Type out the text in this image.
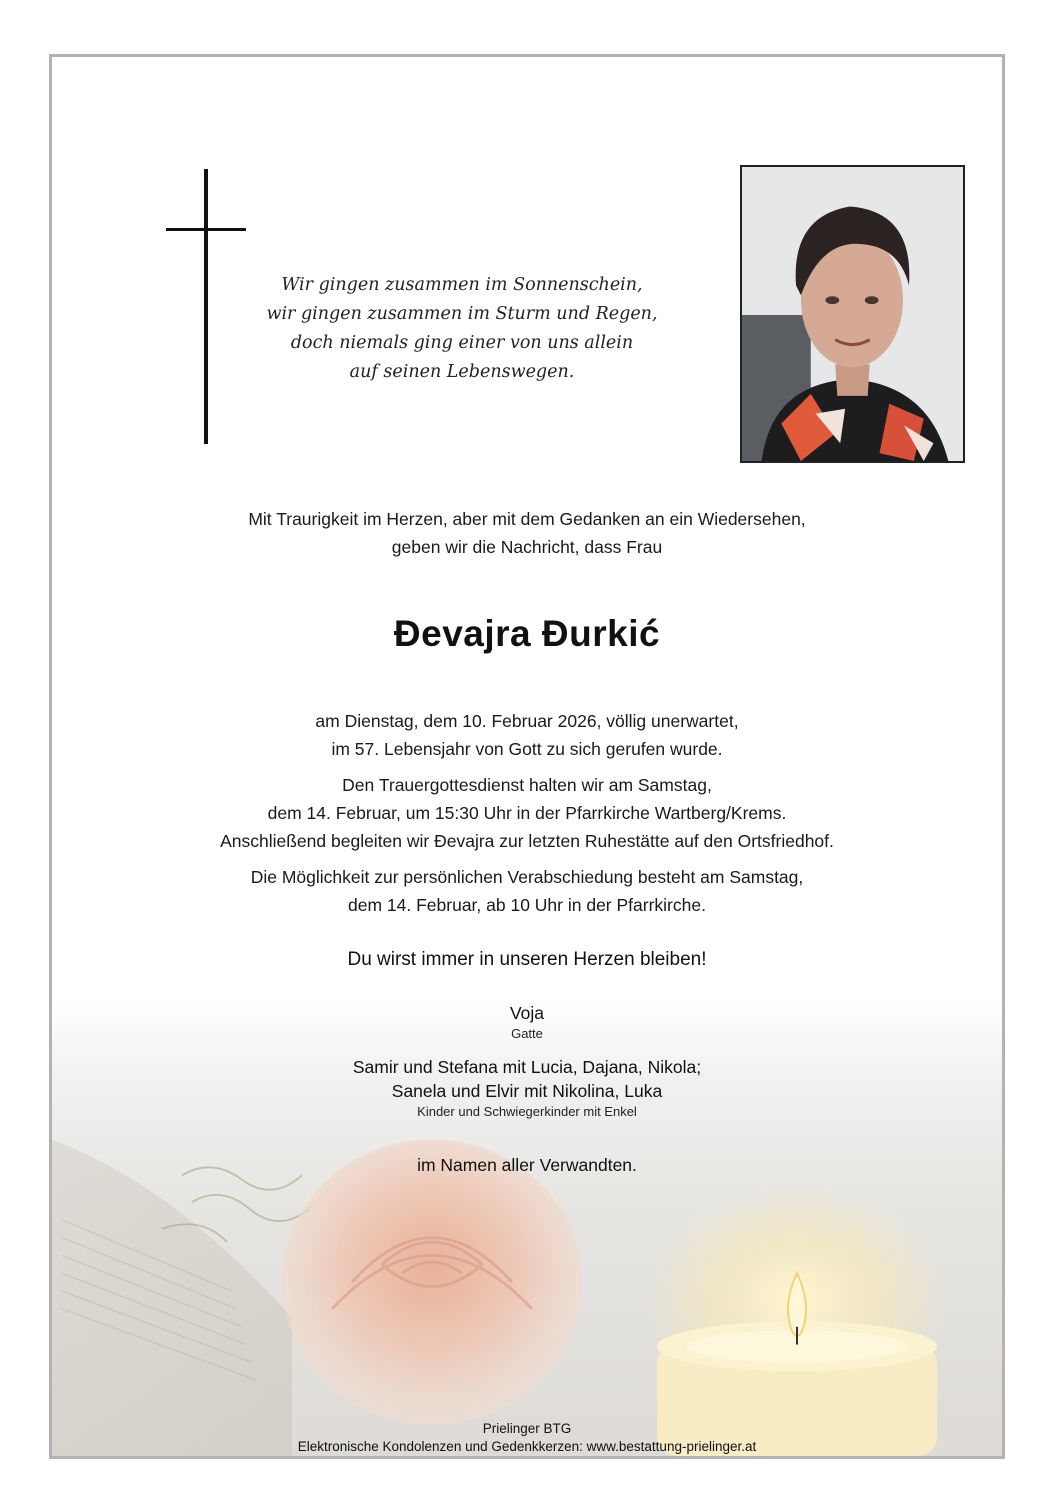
Wir gingen zusammen im Sonnenschein,
wir gingen zusammen im Sturm und Regen,
doch niemals ging einer von uns allein
auf seinen Lebenswegen.
Mit Traurigkeit im Herzen, aber mit dem Gedanken an ein Wiedersehen,
geben wir die Nachricht, dass Frau
Đevajra Đurkić
am Dienstag, dem 10. Februar 2026, völlig unerwartet,
im 57. Lebensjahr von Gott zu sich gerufen wurde.
Den Trauergottesdienst halten wir am Samstag,
dem 14. Februar, um 15:30 Uhr in der Pfarrkirche Wartberg/Krems.
Anschließend begleiten wir Đevajra zur letzten Ruhestätte auf den Ortsfriedhof.
Die Möglichkeit zur persönlichen Verabschiedung besteht am Samstag,
dem 14. Februar, ab 10 Uhr in der Pfarrkirche.
Du wirst immer in unseren Herzen bleiben!
Voja
Gatte
Samir und Stefana mit Lucia, Dajana, Nikola;
Sanela und Elvir mit Nikolina, Luka
Kinder und Schwiegerkinder mit Enkel
im Namen aller Verwandten.
Prielinger BTG
Elektronische Kondolenzen und Gedenkkerzen: www.bestattung-prielinger.at
